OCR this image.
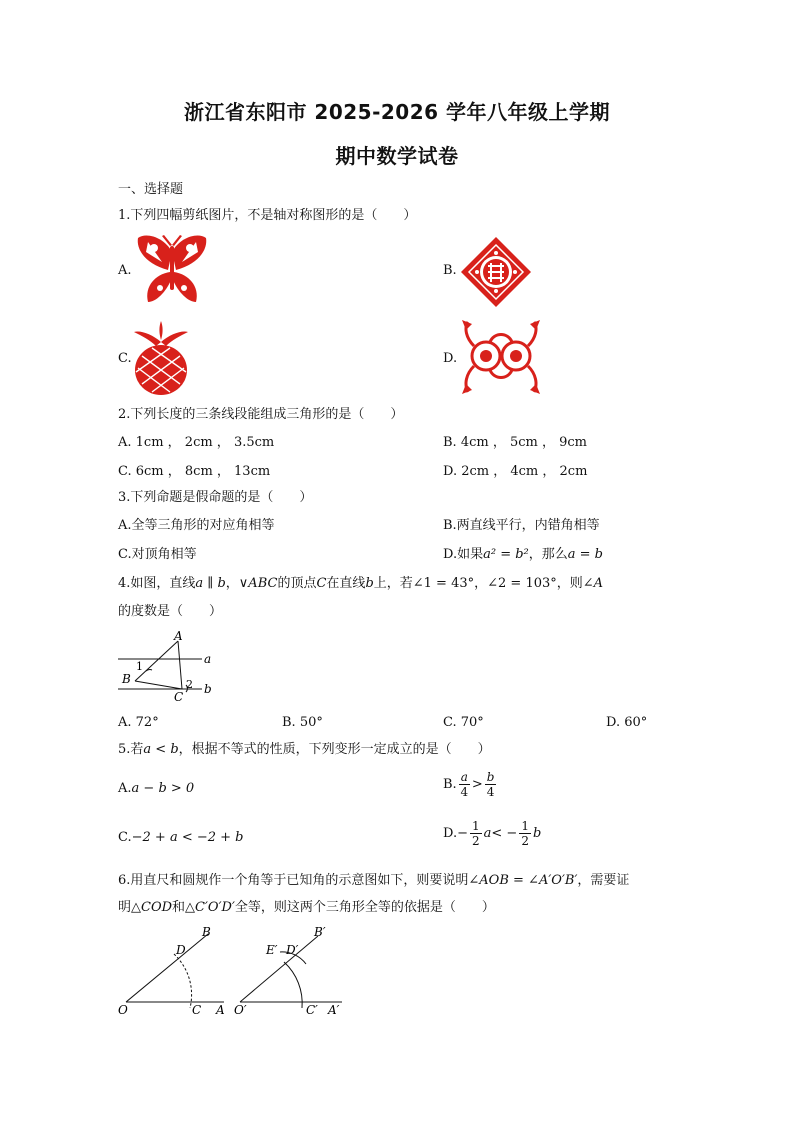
浙江省东阳市 2025-2026 学年八年级上学期
期中数学试卷
一、选择题
1.下列四幅剪纸图片，不是轴对称图形的是（　　）
A.	B.
C.	D.
2.下列长度的三条线段能组成三角形的是（　　）
A. 1cm ， 2cm ， 3.5cm	B. 4cm ， 5cm ， 9cm
C. 6cm ， 8cm ， 13cm	D. 2cm ， 4cm ， 2cm
3.下列命题是假命题的是（　　）
A.全等三角形的对应角相等	B.两直线平行，内错角相等
C.对顶角相等	D.如果a² = b²，那么a = b
4.如图，直线a ∥ b，∨ABC的顶点C在直线b上，若∠1 = 43°，∠2 = 103°，则∠A
的度数是（　　）
A
B
C
1
2
a
b
A. 72°	B. 50°	C. 70°	D. 60°
5.若a < b，根据不等式的性质，下列变形一定成立的是（　　）
A.a − b > 0	B. $\frac{a}{4} > \frac{b}{4}$
C.−2 + a < −2 + b	$D.- \frac{1}{2} a< - \frac{1}{2}$ b
6.用直尺和圆规作一个角等于已知角的示意图如下，则要说明∠AOB = ∠A′O′B′，需要证
明△COD和△C′O′D′全等，则这两个三角形全等的依据是（　　）
O	C A
D
B
O′	C′ A′
E′ D′
B′
